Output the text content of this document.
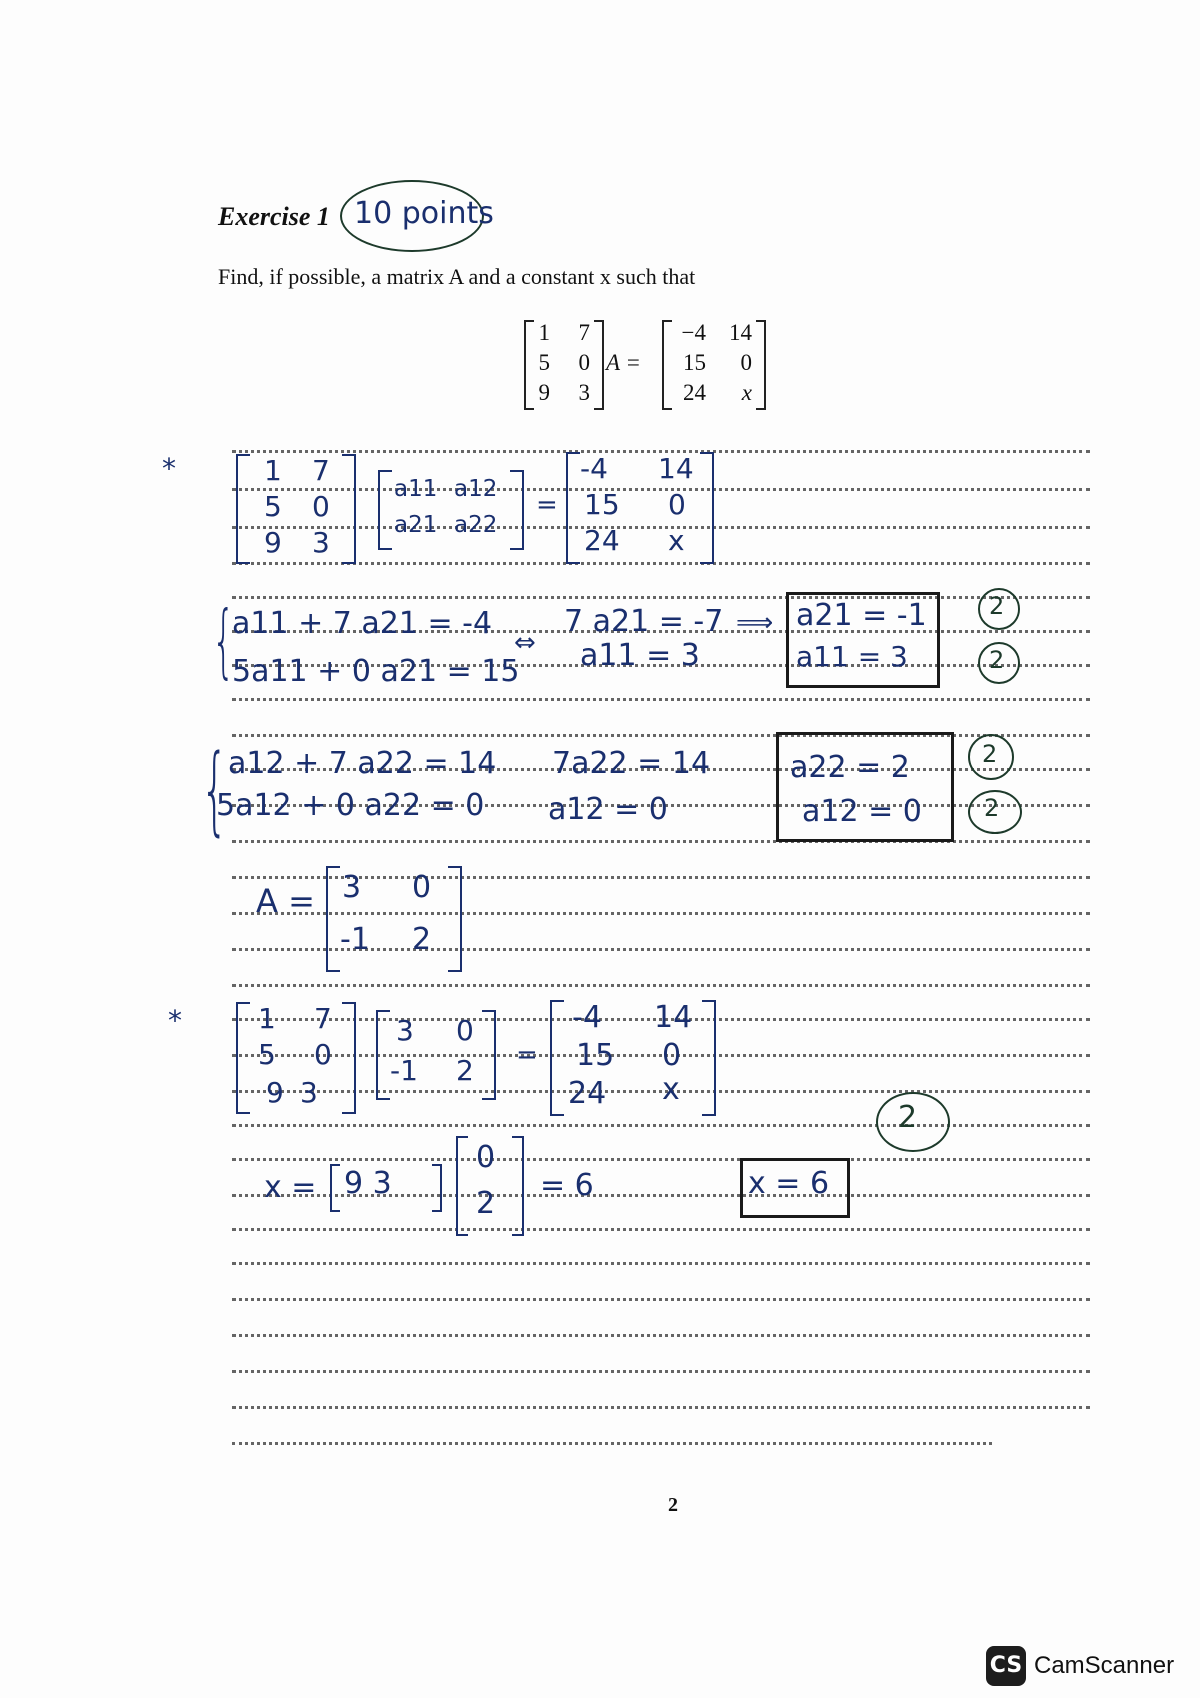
Exercise 1 10 points
Find, if possible, a matrix A and a constant x such that
1	7
5	0
9	3
A =
−4 14
15	0
24	x
*	1 7
5 0
9 3
a11 a12
a21 a22
=
-4 14
15 0
24 x
{
a11 + 7 a21 = -4
5a11 + 0 a21 = 15
⇔
7 a21 = -7
a11 = 3
⟹ a21 = -1
a11 = 3
2
2
{ a12 + 7 a22 = 14
5a12 + 0 a22 = 0
7a22 = 14
a12 = 0
a22 = 2
a12 = 0
2
2
A = 3 0
-1 2
*	1 7
5 0
9 3
3 0
-1 2 =
-4 14
15 0
24 x
2
x = 9 3
0
2
= 6	x = 6
2
CS CamScanner
